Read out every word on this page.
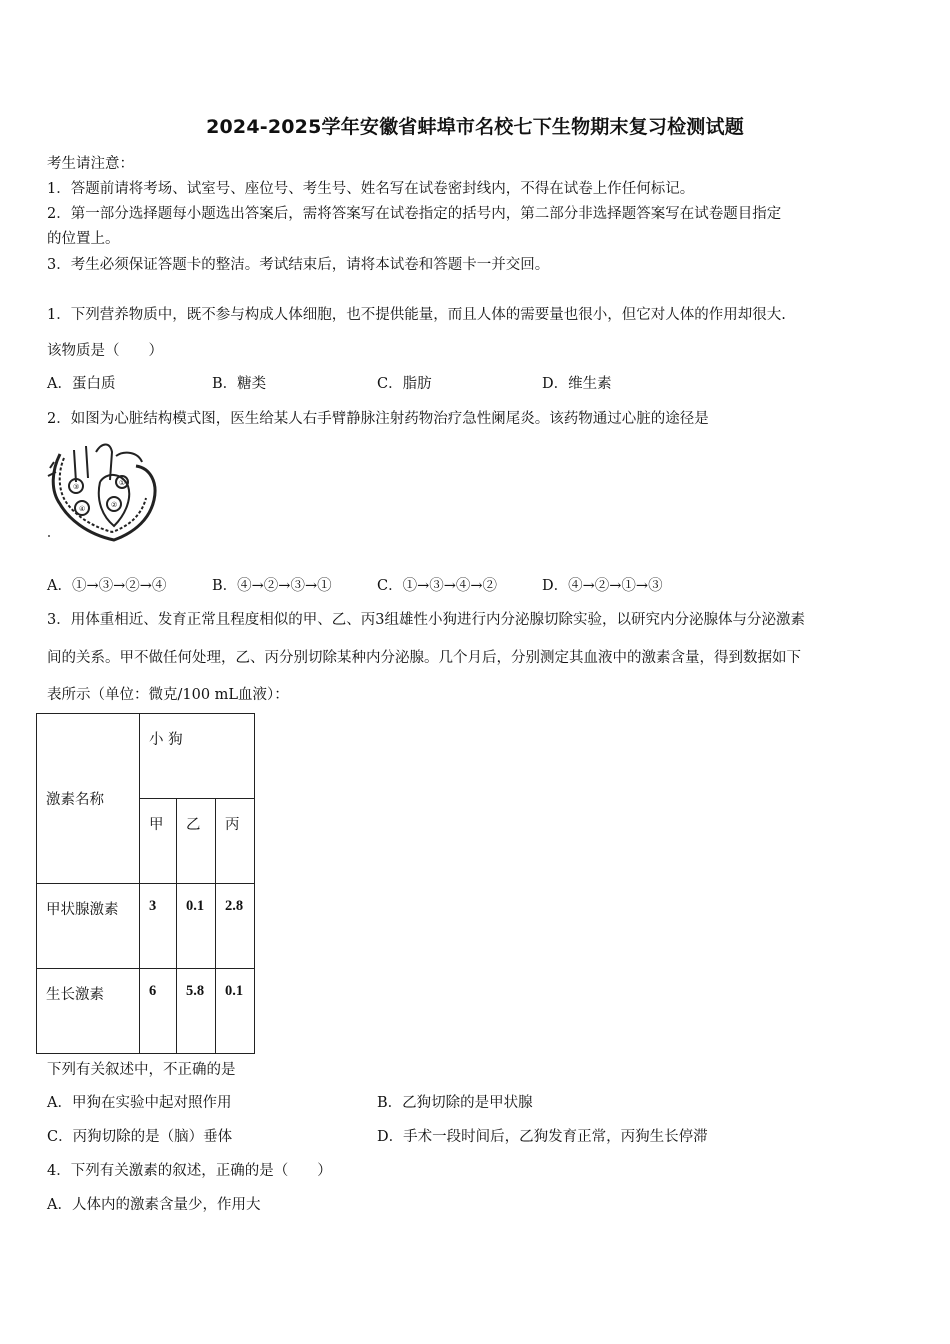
2024-2025学年安徽省蚌埠市名校七下生物期末复习检测试题
考生请注意：
1．答题前请将考场、试室号、座位号、考生号、姓名写在试卷密封线内，不得在试卷上作任何标记。
2．第一部分选择题每小题选出答案后，需将答案写在试卷指定的括号内，第二部分非选择题答案写在试卷题目指定
的位置上。
3．考生必须保证答题卡的整洁。考试结束后，请将本试卷和答题卡一并交回。
1．下列营养物质中，既不参与构成人体细胞，也不提供能量，而且人体的需要量也很小，但它对人体的作用却很大.
该物质是（　　）
A．蛋白质	B．糖类	C．脂肪	D．维生素
2．如图为心脏结构模式图，医生给某人右手臂静脉注射药物治疗急性阑尾炎。该药物通过心脏的途径是
③	①
④	②
A．①→③→②→④	B．④→②→③→①	C．①→③→④→②	D．④→②→①→③
3．用体重相近、发育正常且程度相似的甲、乙、丙3组雄性小狗进行内分泌腺切除实验，以研究内分泌腺体与分泌激素
间的关系。甲不做任何处理，乙、丙分别切除某种内分泌腺。几个月后，分别测定其血液中的激素含量，得到数据如下
表所示（单位：微克/100 mL血液）：
激素名称	小 狗		

	甲	乙	丙

甲状腺激素	3	0.1	2.8

生长激素	6	5.8	0.1
下列有关叙述中，不正确的是
A．甲狗在实验中起对照作用	B．乙狗切除的是甲状腺
C．丙狗切除的是（脑）垂体	D．手术一段时间后，乙狗发育正常，丙狗生长停滞
4．下列有关激素的叙述，正确的是（　　）
A．人体内的激素含量少，作用大
